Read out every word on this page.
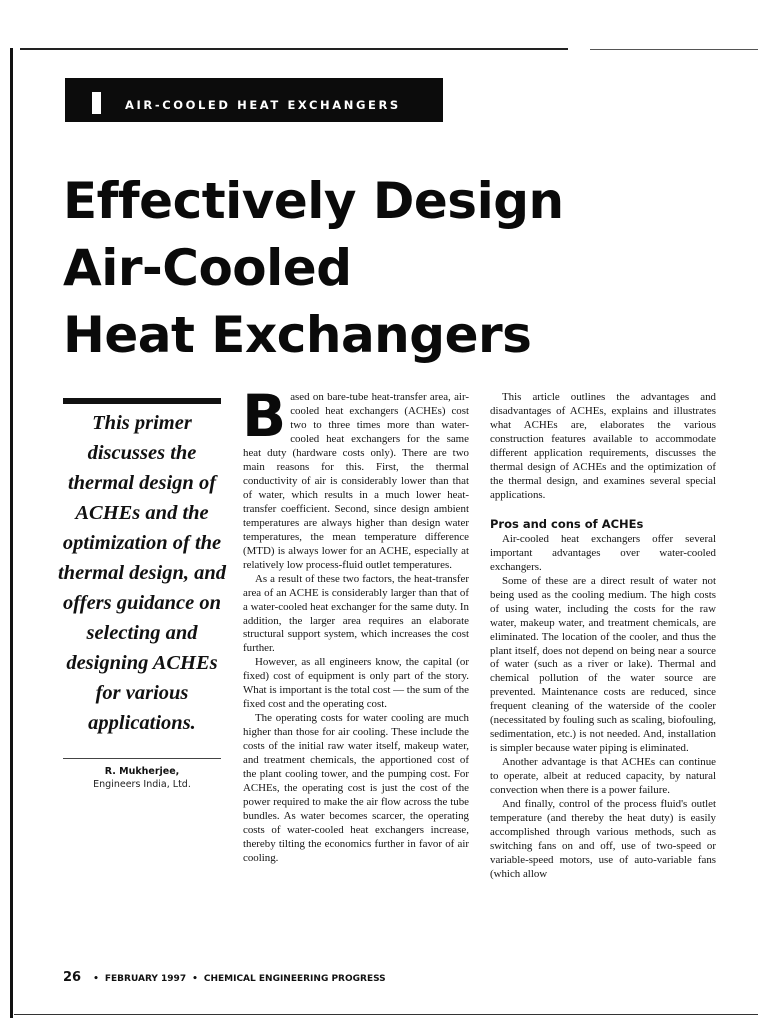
AIR-COOLED HEAT EXCHANGERS
Effectively Design
Air-Cooled
Heat Exchangers

This primer discusses the thermal design of ACHEs and the optimization of the thermal design, and offers guidance on selecting and designing ACHEs for various applications.

R. Mukherjee,
Engineers India, Ltd.

Based on bare-tube heat-transfer area, air-cooled heat exchangers (ACHEs) cost two to three times more than water-cooled heat exchangers for the same heat duty (hardware costs only). There are two main reasons for this. First, the thermal conductivity of air is considerably lower than that of water, which results in a much lower heat-transfer coefficient. Second, since design ambient temperatures are always higher than design water temperatures, the mean temperature difference (MTD) is always lower for an ACHE, especially at relatively low process-fluid outlet temperatures.

As a result of these two factors, the heat-transfer area of an ACHE is considerably larger than that of a water-cooled heat exchanger for the same duty. In addition, the larger area requires an elaborate structural support system, which increases the cost further.

However, as all engineers know, the capital (or fixed) cost of equipment is only part of the story. What is important is the total cost — the sum of the fixed cost and the operating cost.

The operating costs for water cooling are much higher than those for air cooling. These include the costs of the initial raw water itself, makeup water, and treatment chemicals, the apportioned cost of the plant cooling tower, and the pumping cost. For ACHEs, the operating cost is just the cost of the power required to make the air flow across the tube bundles. As water becomes scarcer, the operating costs of water-cooled heat exchangers increase, thereby tilting the economics further in favor of air cooling.

This article outlines the advantages and disadvantages of ACHEs, explains and illustrates what ACHEs are, elaborates the various construction features available to accommodate different application requirements, discusses the thermal design of ACHEs and the optimization of the thermal design, and examines several special applications.

Pros and cons of ACHEs

Air-cooled heat exchangers offer several important advantages over water-cooled exchangers.

Some of these are a direct result of water not being used as the cooling medium. The high costs of using water, including the costs for the raw water, makeup water, and treatment chemicals, are eliminated. The location of the cooler, and thus the plant itself, does not depend on being near a source of water (such as a river or lake). Thermal and chemical pollution of the water source are prevented. Maintenance costs are reduced, since frequent cleaning of the waterside of the cooler (necessitated by fouling such as scaling, biofouling, sedimentation, etc.) is not needed. And, installation is simpler because water piping is eliminated.

Another advantage is that ACHEs can continue to operate, albeit at reduced capacity, by natural convection when there is a power failure.

And finally, control of the process fluid's outlet temperature (and thereby the heat duty) is easily accomplished through various methods, such as switching fans on and off, use of two-speed or variable-speed motors, use of auto-variable fans (which allow

26 • FEBRUARY 1997 • CHEMICAL ENGINEERING PROGRESS
